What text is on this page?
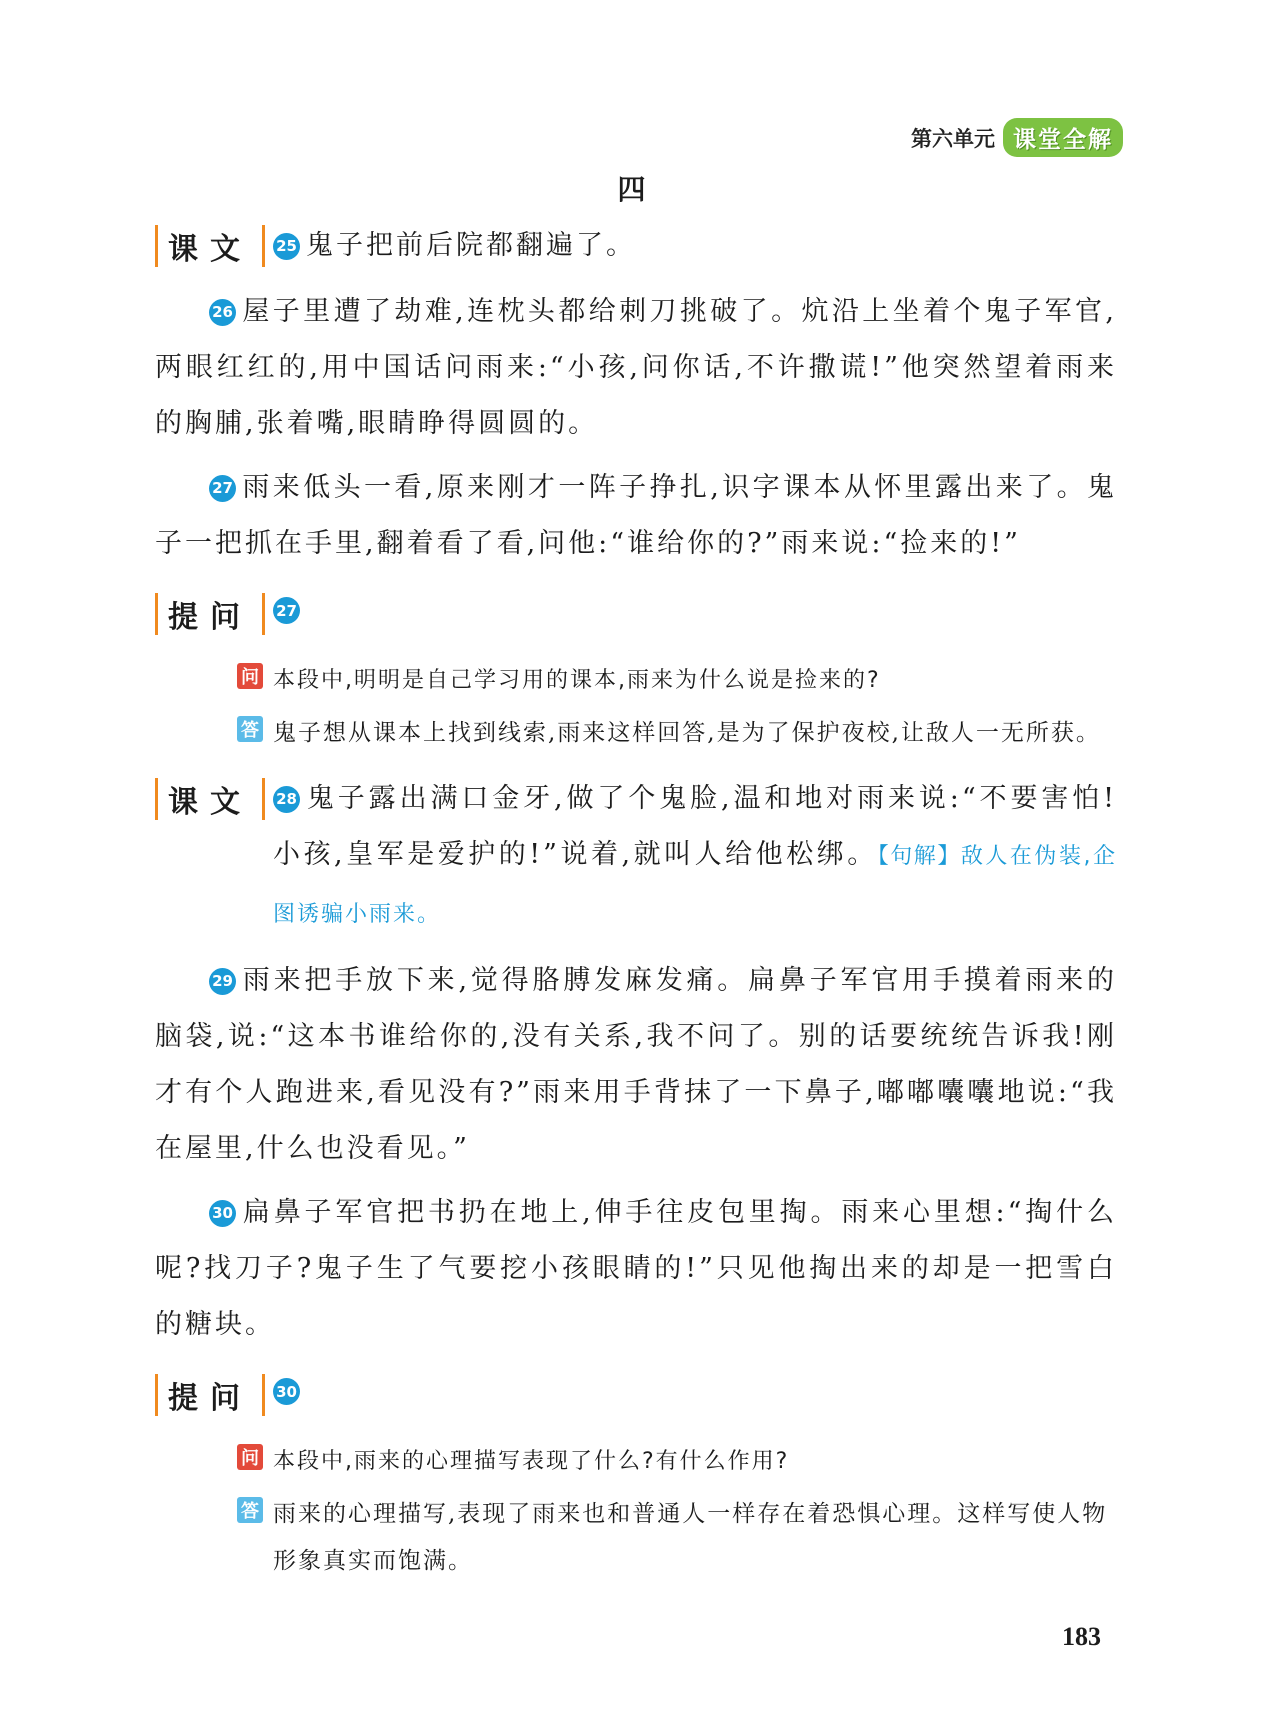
第六单元 课堂全解
四
课文	25 鬼子把前后院都翻遍了。

26 屋子里遭了劫难,连枕头都给刺刀挑破了。炕沿上坐着个鬼子军官,两眼红红的,用中国话问雨来:“小孩,问你话,不许撒谎!”他突然望着雨来的胸脯,张着嘴,眼睛睁得圆圆的。

27 雨来低头一看,原来刚才一阵子挣扎,识字课本从怀里露出来了。鬼子一把抓在手里,翻着看了看,问他:“谁给你的?”雨来说:“捡来的!”

提问	27
问 本段中,明明是自己学习用的课本,雨来为什么说是捡来的?
答 鬼子想从课本上找到线索,雨来这样回答,是为了保护夜校,让敌人一无所获。
课文	28 鬼子露出满口金牙,做了个鬼脸,温和地对雨来说:“不要害怕!小孩,皇军是爱护的!”说着,就叫人给他松绑。【句解】敌人在伪装,企图诱骗小雨来。

29 雨来把手放下来,觉得胳膊发麻发痛。扁鼻子军官用手摸着雨来的脑袋,说:“这本书谁给你的,没有关系,我不问了。别的话要统统告诉我!刚才有个人跑进来,看见没有?”雨来用手背抹了一下鼻子,嘟嘟囔囔地说:“我在屋里,什么也没看见。”

30 扁鼻子军官把书扔在地上,伸手往皮包里掏。雨来心里想:“掏什么呢?找刀子?鬼子生了气要挖小孩眼睛的!”只见他掏出来的却是一把雪白的糖块。

提问	30
问 本段中,雨来的心理描写表现了什么?有什么作用?
答 雨来的心理描写,表现了雨来也和普通人一样存在着恐惧心理。这样写使人物形象真实而饱满。
183
